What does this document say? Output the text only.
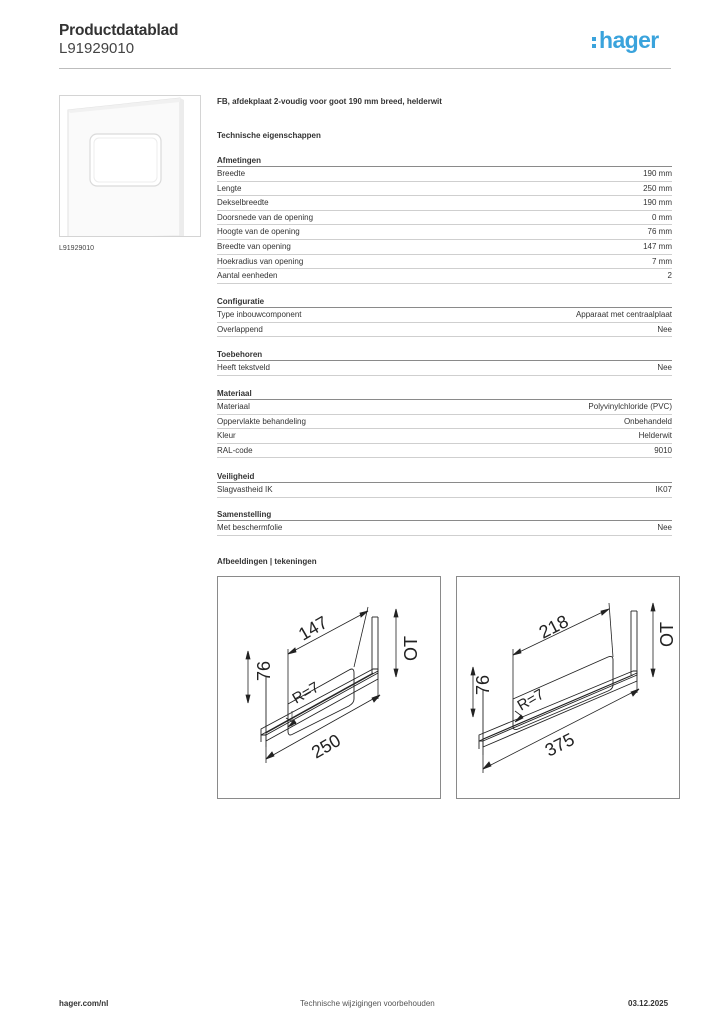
Productdatablad
L91929010	hager
L91929010
FB, afdekplaat 2-voudig voor goot 190 mm breed, helderwit
Technische eigenschappen
Afmetingen
Breedte	190 mm
Lengte	250 mm
Dekselbreedte	190 mm
Doorsnede van de opening	0 mm
Hoogte van de opening	76 mm
Breedte van opening	147 mm
Hoekradius van opening	7 mm
Aantal eenheden	2
Configuratie
Type inbouwcomponent	Apparaat met centraalplaat
Overlappend	Nee
Toebehoren
Heeft tekstveld	Nee
Materiaal
Materiaal	Polyvinylchloride (PVC)
Oppervlakte behandeling	Onbehandeld
Kleur	Helderwit
RAL-code	9010
Veiligheid
Slagvastheid IK	IK07
Samenstelling
Met beschermfolie	Nee
Afbeeldingen | tekeningen
147
76
R=7
OT
250
218
76
R=7
OT
375
hager.com/nl	Technische wijzigingen voorbehouden	03.12.2025
